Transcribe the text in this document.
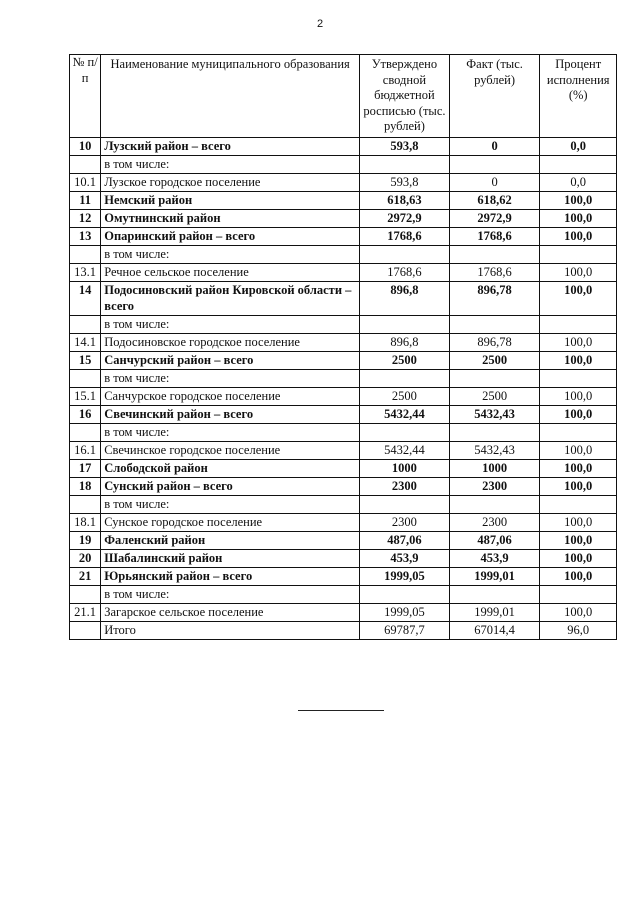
2
№ п/п	Наименование муниципального образования	Утверждено сводной бюджетной росписью (тыс. рублей)	Факт (тыс. рублей)	Процент исполнения (%)
10	Лузский район – всего	593,8	0	0,0
	в том числе:			
10.1	Лузское городское поселение	593,8	0	0,0
11	Немский район	618,63	618,62	100,0
12	Омутнинский район	2972,9	2972,9	100,0
13	Опаринский район – всего	1768,6	1768,6	100,0
	в том числе:			
13.1	Речное сельское поселение	1768,6	1768,6	100,0
14	Подосиновский район Кировской области – всего	896,8	896,78	100,0
	в том числе:			
14.1	Подосиновское городское поселение	896,8	896,78	100,0
15	Санчурский район – всего	2500	2500	100,0
	в том числе:			
15.1	Санчурское городское поселение	2500	2500	100,0
16	Свечинский район – всего	5432,44	5432,43	100,0
	в том числе:			
16.1	Свечинское городское поселение	5432,44	5432,43	100,0
17	Слободской район	1000	1000	100,0
18	Сунский район – всего	2300	2300	100,0
	в том числе:			
18.1	Сунское городское поселение	2300	2300	100,0
19	Фаленский район	487,06	487,06	100,0
20	Шабалинский район	453,9	453,9	100,0
21	Юрьянский район – всего	1999,05	1999,01	100,0
	в том числе:			
21.1	Загарское сельское поселение	1999,05	1999,01	100,0
	Итого	69787,7	67014,4	96,0
